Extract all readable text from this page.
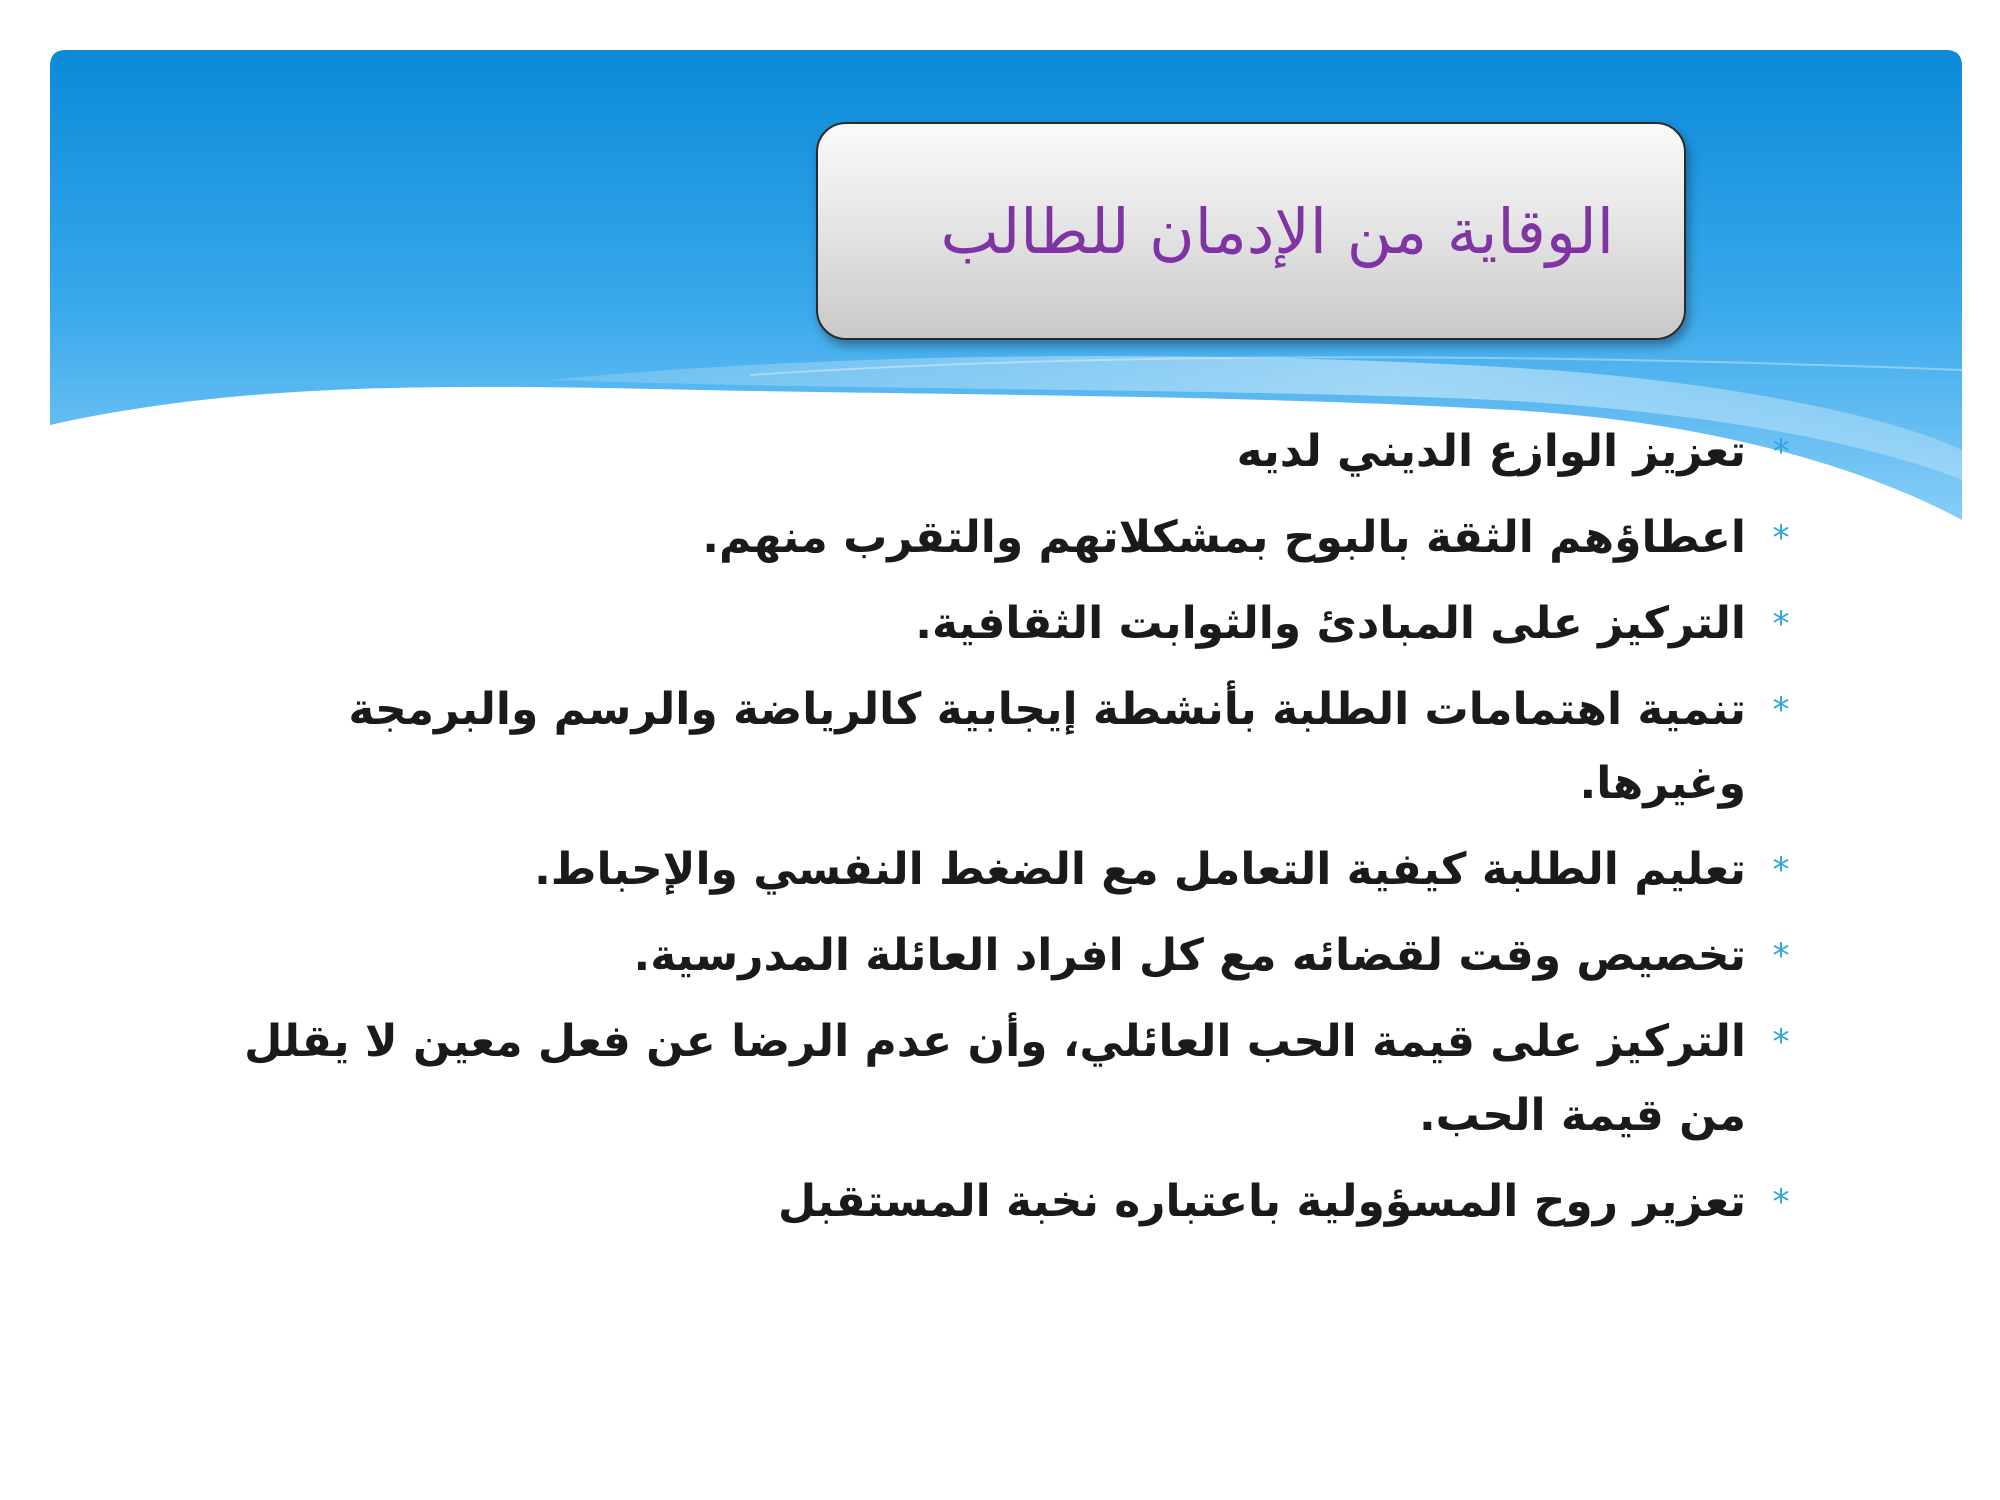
الوقاية من الإدمان للطالب
*
تعزيز الوازع الديني لديه
*
اعطاؤهم الثقة بالبوح بمشكلاتهم والتقرب منهم.
*
التركيز على المبادئ والثوابت الثقافية.
*
تنمية اهتمامات الطلبة بأنشطة إيجابية كالرياضة والرسم والبرمجة وغيرها.
*
تعليم الطلبة كيفية التعامل مع الضغط النفسي والإحباط.
*
تخصيص وقت لقضائه مع كل افراد العائلة المدرسية.
*
التركيز على قيمة الحب العائلي، وأن عدم الرضا عن فعل معين لا يقلل من قيمة الحب.
*
تعزير روح المسؤولية باعتباره نخبة المستقبل
